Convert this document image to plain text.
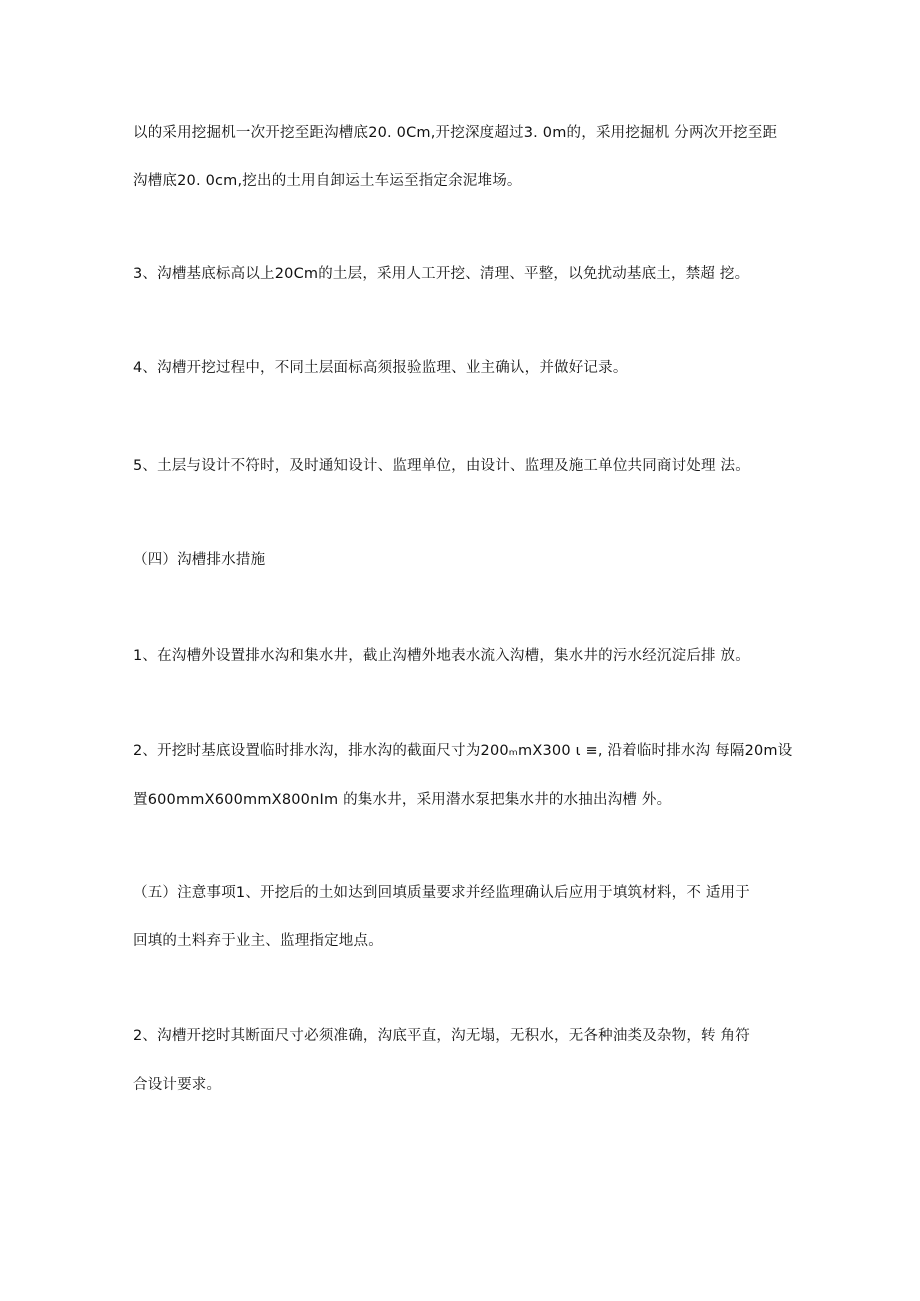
以的采用挖掘机一次开挖至距沟槽底20. 0Cm,开挖深度超过3. 0m的，采用挖掘机 分两次开挖至距
沟槽底20. 0cm,挖出的土用自卸运土车运至指定余泥堆场。
3、沟槽基底标高以上20Cm的土层，采用人工开挖、清理、平整，以免扰动基底土，禁超 挖。
4、沟槽开挖过程中，不同土层面标高须报验监理、业主确认，并做好记录。
5、土层与设计不符时，及时通知设计、监理单位，由设计、监理及施工单位共同商讨处理 法。
（四）沟槽排水措施
1、在沟槽外设置排水沟和集水井，截止沟槽外地表水流入沟槽，集水井的污水经沉淀后排 放。
2、开挖时基底设置临时排水沟，排水沟的截面尺寸为200ₘmX300 ι ≡, 沿着临时排水沟 每隔20m设
置600mmX600mmX800nIm 的集水井，采用潜水泵把集水井的水抽出沟槽 外。
（五）注意事项1、开挖后的土如达到回填质量要求并经监理确认后应用于填筑材料，不 适用于
回填的土料弃于业主、监理指定地点。
2、沟槽开挖时其断面尺寸必须准确，沟底平直，沟无塌，无积水，无各种油类及杂物，转 角符
合设计要求。
